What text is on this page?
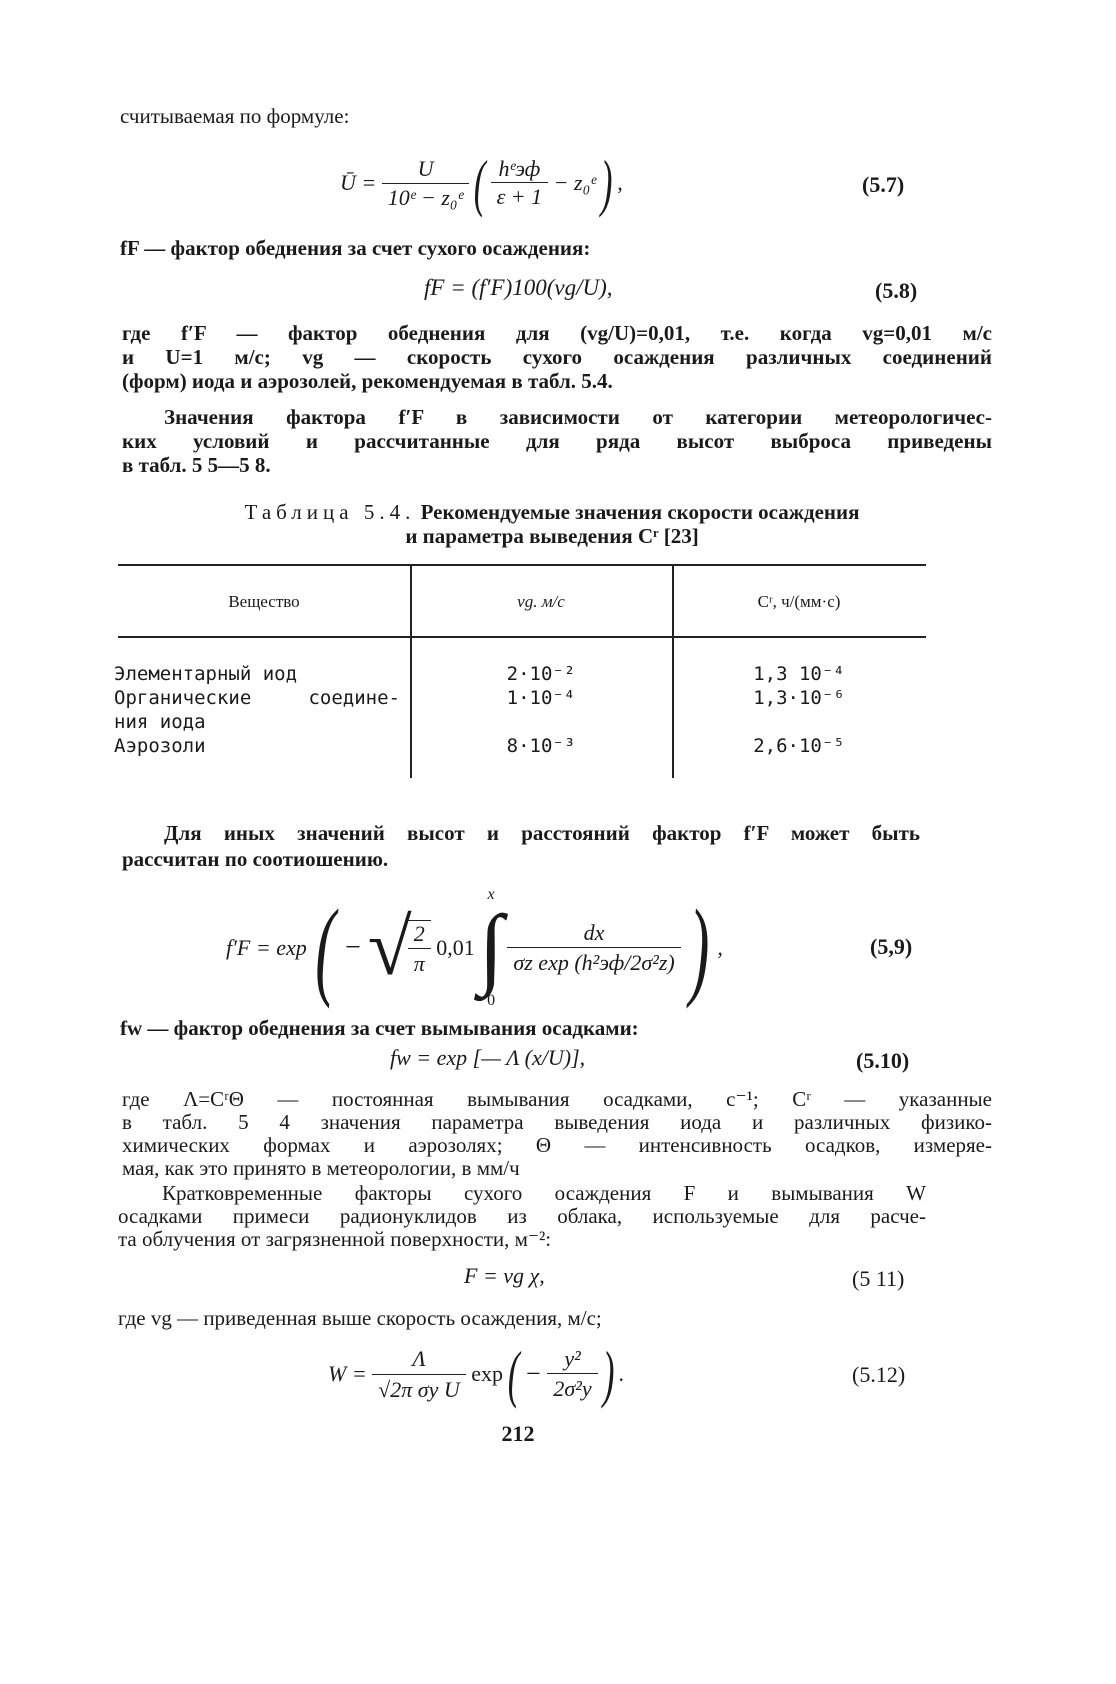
считываемая по формуле:
Ū =
$\frac{U}{\text{10ᵉ − z₀ᵉ}}$ ( $\frac{\text{hᵉэф}}{\varepsilon + 1}$
− z₀ᵉ ) ,	(5.7)
fF — фактор обеднения за счет сухого осаждения:
fF = (f′F)100(vg/U),	(5.8)
где f′F — фактор обеднения для (vg/U)=0,01, т.е. когда vg=0,01 м/с
и U=1 м/с; vg — скорость сухого осаждения различных соединений
(форм) иода и аэрозолей, рекомендуемая в табл. 5.4.
Значения фактора f′F в зависимости от категории метеорологичес-
ких условий и рассчитанные для ряда высот выброса приведены
в табл. 5 5—5 8.
Таблица 5.4. Рекомендуемые значения скорости осаждения
и параметра выведения Cʳ [23]
Вещество	vg. м/с	Cʳ, ч/(мм·с)
Элементарный иод	2·10⁻²	1,3 10⁻⁴
Органические соедине-
ния иода
1·10⁻⁴	1,3·10⁻⁶
Аэрозоли	8·10⁻³	2,6·10⁻⁵
Для иных значений высот и расстояний фактор f′F может быть
рассчитан по соотиошению.
f′F = exp ( −
√
$\frac{2}{\pi}$
0,01
x
∫
0
$\frac{dx}{\text{σz exp (h²эф/2σ²z)}}$ ) ,	(5,9)
fw — фактор обеднения за счет вымывания осадками:
fw = exp [— Λ (x/U)],	(5.10)
где Λ=CʳΘ — постоянная вымывания осадками, с⁻¹; Cʳ — указанные
в табл. 5 4 значения параметра выведения иода и различных физико-
химических формах и аэрозолях; Θ — интенсивность осадков, измеряе-
мая, как это принято в метеорологии, в мм/ч
Кратковременные факторы сухого осаждения F и вымывания W
осадками примеси радионуклидов из облака, используемые для расче-
та облучения от загрязненной поверхности, м⁻²:
F = vg χ,	(5 11)
где vg — приведенная выше скорость осаждения, м/с;
W =
$\frac{\Lambda}{\text{√2π σy U}}$
exp ( −
$\frac{\text{y²}}{\text{2σ²y}}$ ) .	(5.12)
212
